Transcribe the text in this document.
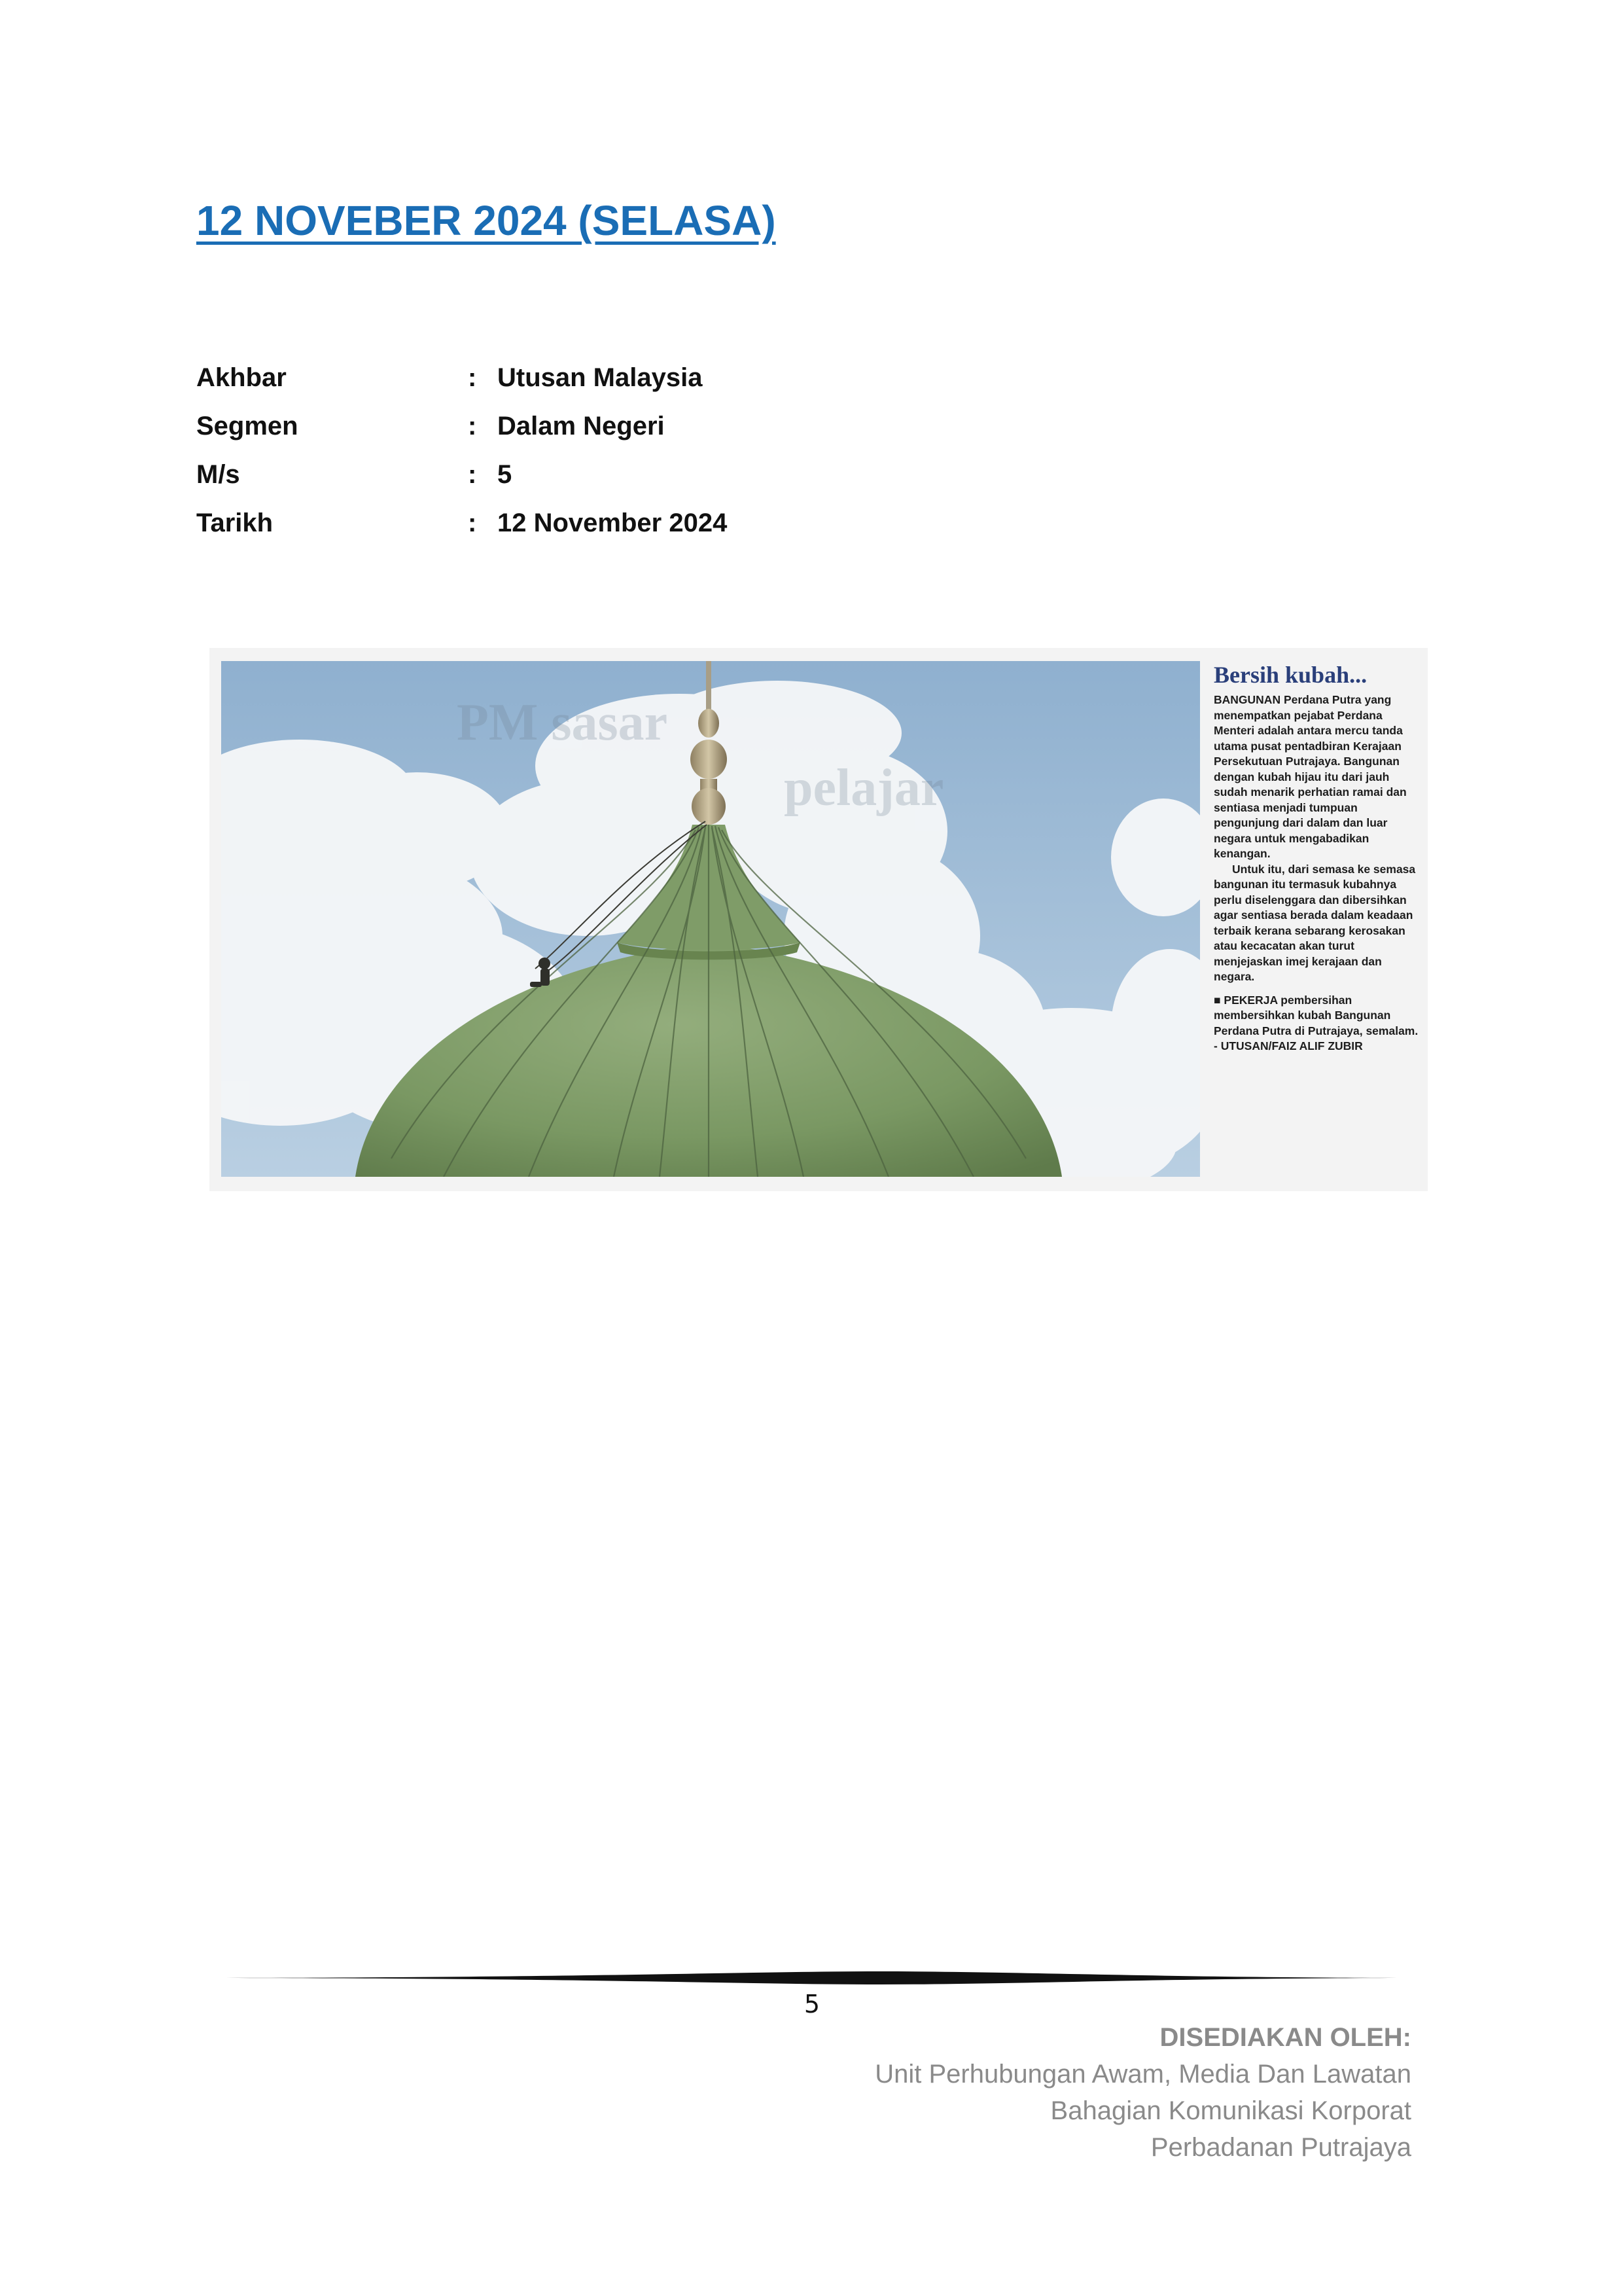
12 NOVEBER 2024 (SELASA)
Akhbar	: Utusan Malaysia
Segmen	: Dalam Negeri
M/s	: 5
Tarikh	: 12 November 2024
PM sasar
pelajar
Bersih kubah...

BANGUNAN Perdana Putra yang menempatkan pejabat Perdana Menteri adalah antara mercu tanda utama pusat pentadbiran Kerajaan Persekutuan Putrajaya. Bangunan dengan kubah hijau itu dari jauh sudah menarik perhatian ramai dan sentiasa menjadi tumpuan pengunjung dari dalam dan luar negara untuk mengabadikan kenangan.

Untuk itu, dari semasa ke semasa bangunan itu termasuk kubahnya perlu diselenggara dan dibersihkan agar sentiasa berada dalam keadaan terbaik kerana sebarang kerosakan atau kecacatan akan turut menjejaskan imej kerajaan dan negara.

■ PEKERJA pembersihan membersihkan kubah Bangunan Perdana Putra di Putrajaya, semalam. - UTUSAN/FAIZ ALIF ZUBIR
5
DISEDIAKAN OLEH:
Unit Perhubungan Awam, Media Dan Lawatan
Bahagian Komunikasi Korporat
Perbadanan Putrajaya
